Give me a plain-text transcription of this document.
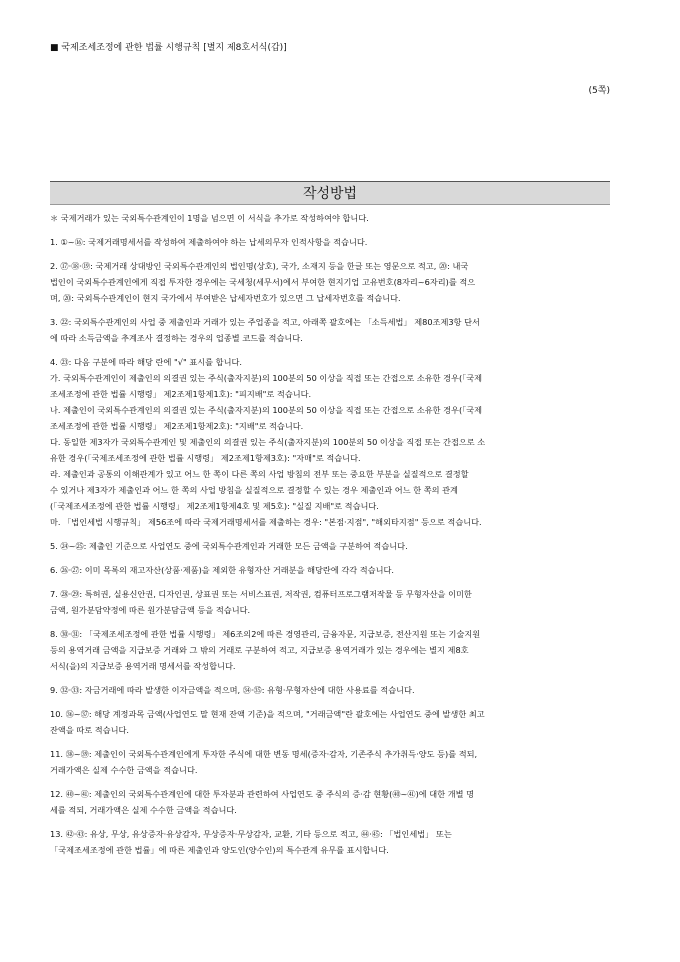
■ 국제조세조정에 관한 법률 시행규칙 [별지 제8호서식(갑)]
(5쪽)
작성방법
＊ 국제거래가 있는 국외특수관계인이 1명을 넘으면 이 서식을 추가로 작성하여야 합니다.
1. ①~⑯: 국제거래명세서를 작성하여 제출하여야 하는 납세의무자 인적사항을 적습니다.
2. ⑰·⑱·⑲: 국제거래 상대방인 국외특수관계인의 법인명(상호), 국가, 소재지 등을 한글 또는 영문으로 적고, ⑳: 내국
법인이 국외특수관계인에게 직접 투자한 경우에는 국세청(세무서)에서 부여한 현지기업 고유번호(8자리~6자리)를 적으
며, ⑳: 국외특수관계인이 현지 국가에서 부여받은 납세자번호가 있으면 그 납세자번호를 적습니다.
3. ㉒: 국외특수관계인의 사업 중 제출인과 거래가 있는 주업종을 적고, 아래쪽 괄호에는 「소득세법」 제80조제3항 단서
에 따라 소득금액을 추계조사 결정하는 경우의 업종별 코드를 적습니다.
4. ㉓: 다음 구분에 따라 해당 란에 "√" 표시를 합니다.
가. 국외특수관계인이 제출인의 의결권 있는 주식(출자지분)의 100분의 50 이상을 직접 또는 간접으로 소유한 경우(「국제
조세조정에 관한 법률 시행령」 제2조제1항제1호): "피지배"로 적습니다.
나. 제출인이 국외특수관계인의 의결권 있는 주식(출자지분)의 100분의 50 이상을 직접 또는 간접으로 소유한 경우(「국제
조세조정에 관한 법률 시행령」 제2조제1항제2호): "지배"로 적습니다.
다. 동일한 제3자가 국외특수관계인 및 제출인의 의결권 있는 주식(출자지분)의 100분의 50 이상을 직접 또는 간접으로 소
유한 경우(「국제조세조정에 관한 법률 시행령」 제2조제1항제3호): "자매"로 적습니다.
라. 제출인과 공통의 이해관계가 있고 어느 한 쪽이 다른 쪽의 사업 방침의 전부 또는 중요한 부분을 실질적으로 결정할
수 있거나 제3자가 제출인과 어느 한 쪽의 사업 방침을 실질적으로 결정할 수 있는 경우 제출인과 어느 한 쪽의 관계
(「국제조세조정에 관한 법률 시행령」 제2조제1항제4호 및 제5호): "실질 지배"로 적습니다.
마. 「법인세법 시행규칙」 제56조에 따라 국제거래명세서를 제출하는 경우: "본점·지점", "해외타지점" 등으로 적습니다.
5. ㉔~㉕: 제출인 기준으로 사업연도 중에 국외특수관계인과 거래한 모든 금액을 구분하여 적습니다.
6. ㉖·㉗: 이미 목록의 재고자산(상품·제품)을 제외한 유형자산 거래분을 해당란에 각각 적습니다.
7. ㉘·㉙: 특허권, 실용신안권, 디자인권, 상표권 또는 서비스표권, 저작권, 컴퓨터프로그램저작물 등 무형자산을 이미한
금액, 원가분담약정에 따른 원가분담금액 등을 적습니다.
8. ㉚·㉛: 「국제조세조정에 관한 법률 시행령」 제6조의2에 따른 경영관리, 금융자문, 지급보증, 전산지원 또는 기술지원
등의 용역거래 금액을 지급보증 거래와 그 밖의 거래로 구분하여 적고, 지급보증 용역거래가 있는 경우에는 별지 제8호
서식(을)의 지급보증 용역거래 명세서를 작성합니다.
9. ㉜·㉝: 자금거래에 따라 발생한 이자금액을 적으며, ㉞·㉟: 유형·무형자산에 대한 사용료를 적습니다.
10. ㊱~㊲: 해당 계정과목 금액(사업연도 말 현재 잔액 기준)을 적으며, "거래금액"란 괄호에는 사업연도 중에 발생한 최고
잔액을 따로 적습니다.
11. ㊳~㊴: 제출인이 국외특수관계인에게 투자한 주식에 대한 변동 명세(증자·감자, 기존주식 추가취득·양도 등)를 적되,
거래가액은 실제 수수한 금액을 적습니다.
12. ㊵~㊶: 제출인의 국외특수관계인에 대한 투자분과 관련하여 사업연도 중 주식의 증·감 현황(㊵~㊶)에 대한 개별 명
세를 적되, 거래가액은 실제 수수한 금액을 적습니다.
13. ㊷·㊸: 유상, 무상, 유상증자·유상감자, 무상증자·무상감자, 교환, 기타 등으로 적고, ㊹·㊺: 「법인세법」 또는
「국제조세조정에 관한 법률」에 따른 제출인과 양도인(양수인)의 특수관계 유무를 표시합니다.
